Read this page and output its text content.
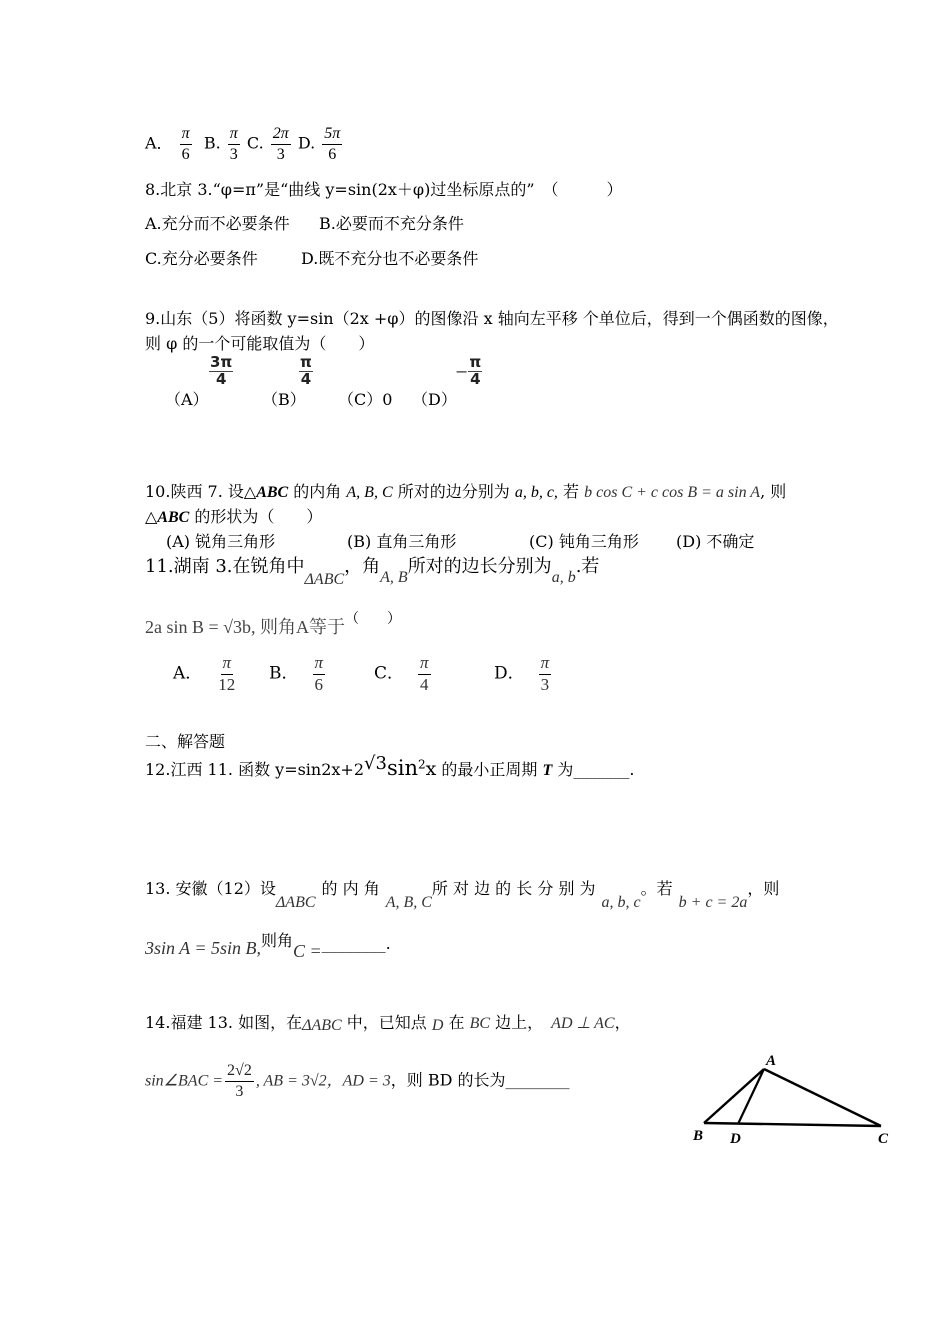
A． $\frac{\pi}{6} B$. $\frac{\pi}{3} C$. $\frac{2\pi}{3} D$. $\frac{5\pi}{6}$
8.北京 3.“φ=π”是“曲线 y=sin(2x＋φ)过坐标原点的”　（　　　）
A.充分而不必要条件 B.必要而不充分条件
C.充分必要条件	D.既不充分也不必要条件
9.山东（5）将函数 y=sin（2x +φ）的图像沿 x 轴向左平移 个单位后，得到一个偶函数的图像，
则 φ 的一个可能取值为（　　）
（A）
$\frac{3\pi}{4}$
（B）
$\frac{\pi}{4}$
（C）0 （D）
− $\frac{\pi}{4}$
10.陕西 7. 设△ABC 的内角 A, B, C 所对的边分别为 a, b, c, 若 b cos C + c cos B = a sin A, 则
△ABC 的形状为（　　）
(A) 锐角三角形	(B) 直角三角形	(C) 钝角三角形 (D) 不确定
11.湖南 3.在锐角中ΔABC，角A, B所对的边长分别为a, b.若
2a sin B = √3b, 则角A等于（　　）
A． $\frac{\pi}{12}$ B． $\frac{\pi}{6}$	C． $\frac{\pi}{4}$	D． $\frac{\pi}{3}$
二、解答题
12.江西 11. 函数 $y=\sin 2x+2√3\sin^2x$ 的最小正周期 T 为_______.
13. 安徽（12）设ΔABC的 内 角A, B, C所 对 边 的 长 分 别 为a, b, c。若b + c = 2a，则
3sin A = 5sin B,则角C =________.
14.福建 13. 如图，在ΔABC 中，已知点 D 在 BC 边上， AD ⊥ AC，
sin∠BAC = $\frac{2√2}{3}$ , AB = 3√2，AD = 3，则 BD 的长为________
A
B D	C
